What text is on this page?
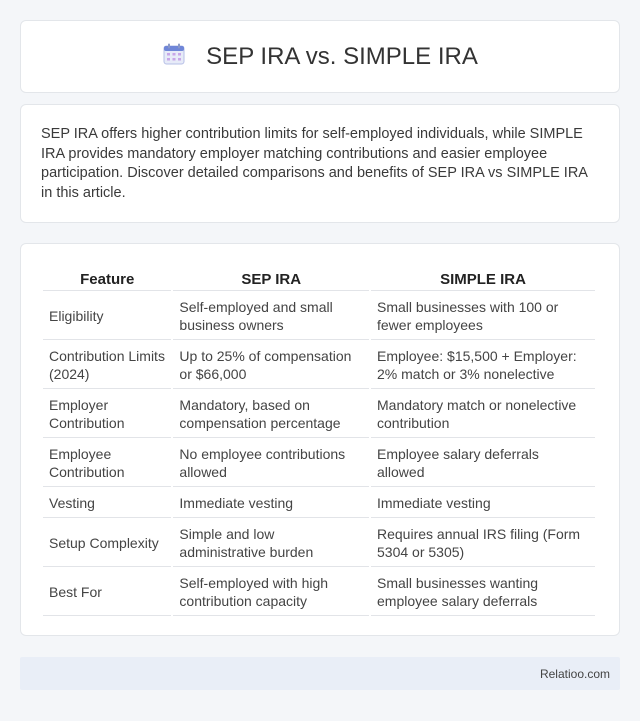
SEP IRA vs. SIMPLE IRA

SEP IRA offers higher contribution limits for self-employed individuals, while SIMPLE IRA provides mandatory employer matching contributions and easier employee participation. Discover detailed comparisons and benefits of SEP IRA vs SIMPLE IRA in this article.

Feature	SEP IRA	SIMPLE IRA
Eligibility	Self-employed and small business owners	Small businesses with 100 or fewer employees
Contribution Limits (2024)	Up to 25% of compensation or $66,000	Employee: $15,500 + Employer: 2% match or 3% nonelective
Employer Contribution	Mandatory, based on compensation percentage	Mandatory match or nonelective contribution
Employee Contribution	No employee contributions allowed	Employee salary deferrals allowed
Vesting	Immediate vesting	Immediate vesting
Setup Complexity	Simple and low administrative burden	Requires annual IRS filing (Form 5304 or 5305)
Best For	Self-employed with high contribution capacity	Small businesses wanting employee salary deferrals
Relatioo.com
